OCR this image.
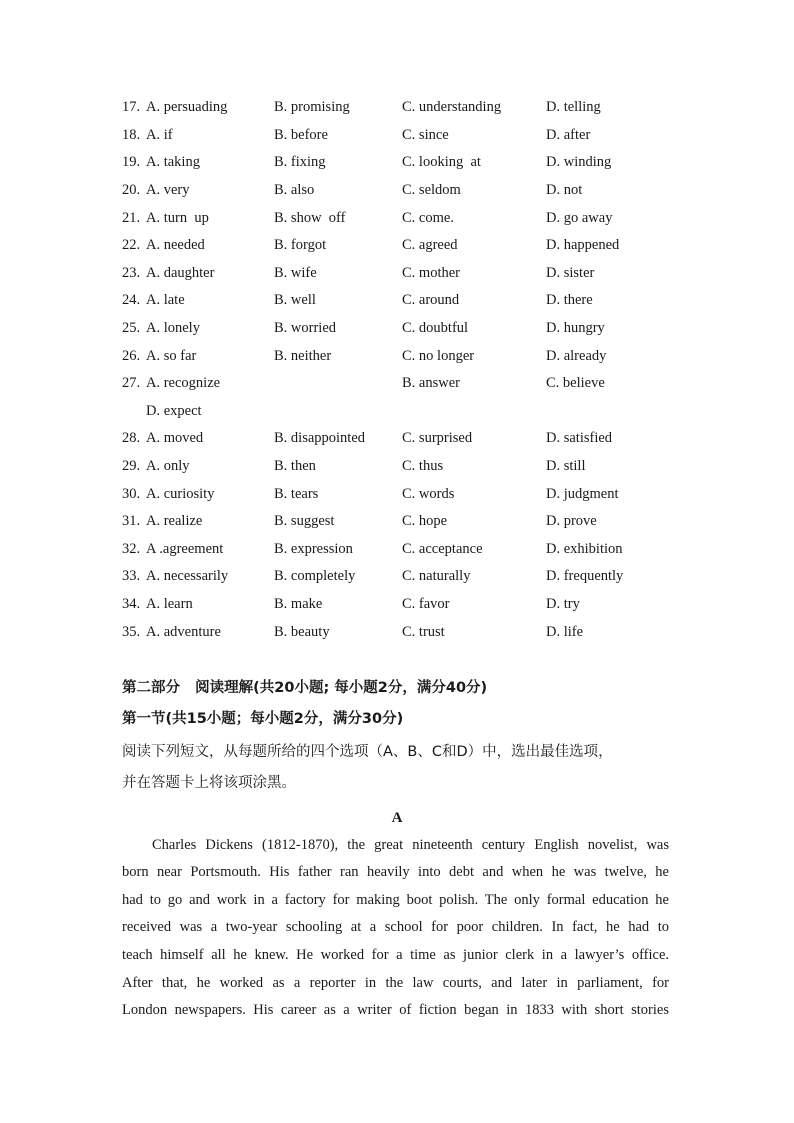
17. A. persuading

	B. promising

	C. understanding

	D. telling

18. A. if

	B. before

	C. since

	D. after

19. A. taking

	B. fixing

	C. looking  at

	D. winding

20. A. very

	B. also

	C. seldom

	D. not

21. A. turn  up

	B. show  off

	C. come.

	D. go away

22. A. needed

	B. forgot

	C. agreed

	D. happened

23. A. daughter

	B. wife

	C. mother

	D. sister

24. A. late

	B. well

	C. around

	D. there

25. A. lonely

	B. worried

	C. doubtful

	D. hungry

26. A. so far

	B. neither

	C. no longer

	D. already

27. A. recognize

	B. answer

	C. believe

D. expect

28. A. moved

	B. disappointed

	C. surprised

	D. satisfied

29. A. only

	B. then

	C. thus

	D. still

30. A. curiosity

	B. tears

	C. words

	D. judgment

31. A. realize

	B. suggest

	C. hope

	D. prove

32. A .agreement

	B. expression

	C. acceptance

	D. exhibition

33. A. necessarily

	B. completely

	C. naturally

	D. frequently

34. A. learn

	B. make

	C. favor

	D. try

35. A. adventure

	B. beauty

	C. trust

	D. life

第二部分   阅读理解(共20小题; 每小题2分，满分40分)
第一节(共15小题；每小题2分，满分30分)
阅读下列短文，从每题所给的四个选项（A、B、C和D）中，选出最佳选项，
并在答题卡上将该项涂黑。
A
Charles Dickens (1812-1870), the great nineteenth century English novelist, was
born near Portsmouth. His father ran heavily into debt and when he was twelve, he
had to go and work in a factory for making boot polish. The only formal education he
received was a two-year schooling at a school for poor children. In fact, he had to
teach himself all he knew. He worked for a time as junior clerk in a lawyer’s office.
After that, he worked as a reporter in the law courts, and later in parliament, for
London newspapers. His career as a writer of fiction began in 1833 with short stories
